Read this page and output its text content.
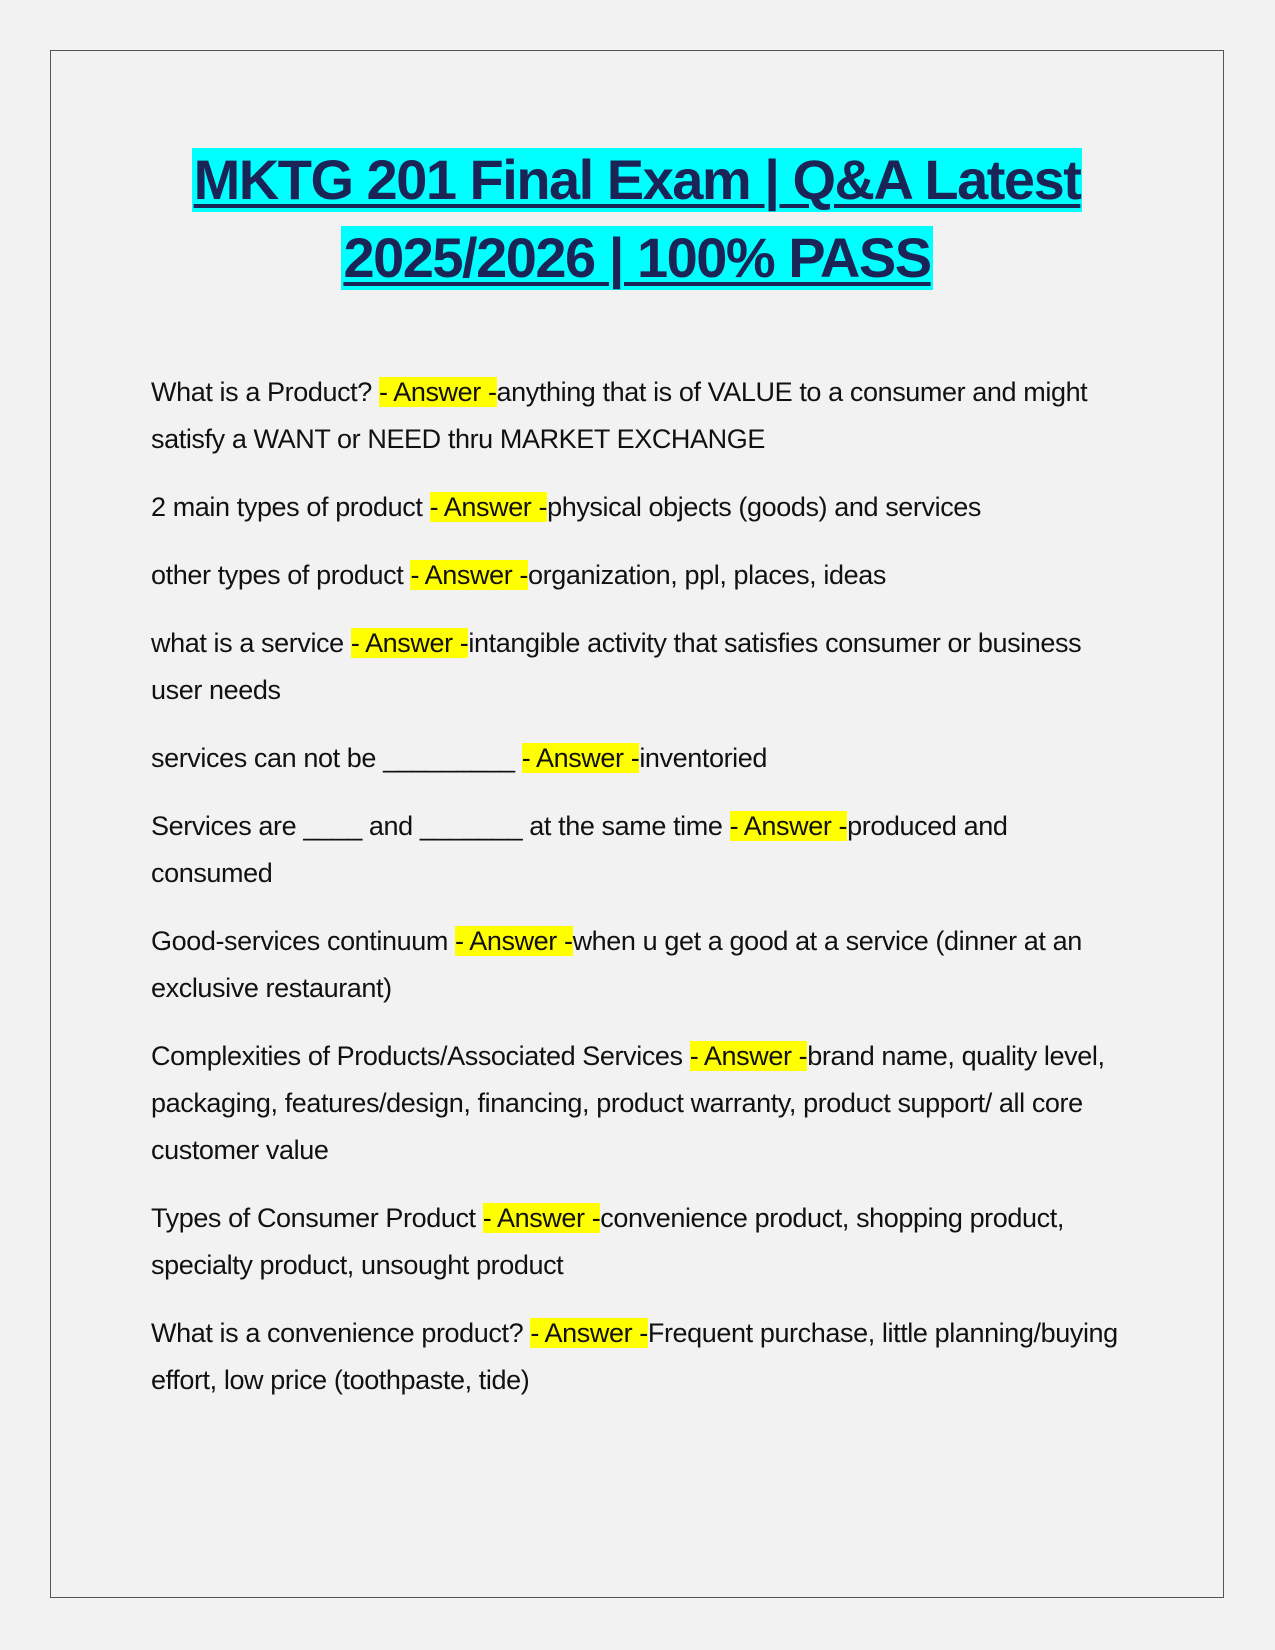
MKTG 201 Final Exam | Q&A Latest
2025/2026 | 100% PASS

What is a Product? - Answer -anything that is of VALUE to a consumer and might satisfy a WANT or NEED thru MARKET EXCHANGE

2 main types of product - Answer -physical objects (goods) and services

other types of product - Answer -organization, ppl, places, ideas

what is a service - Answer -intangible activity that satisfies consumer or business user needs

services can not be _________ - Answer -inventoried

Services are ____ and _______ at the same time - Answer -produced and consumed

Good-services continuum - Answer -when u get a good at a service (dinner at an exclusive restaurant)

Complexities of Products/Associated Services - Answer -brand name, quality level, packaging, features/design, financing, product warranty, product support/ all core customer value

Types of Consumer Product - Answer -convenience product, shopping product, specialty product, unsought product

What is a convenience product? - Answer -Frequent purchase, little planning/buying effort, low price (toothpaste, tide)
